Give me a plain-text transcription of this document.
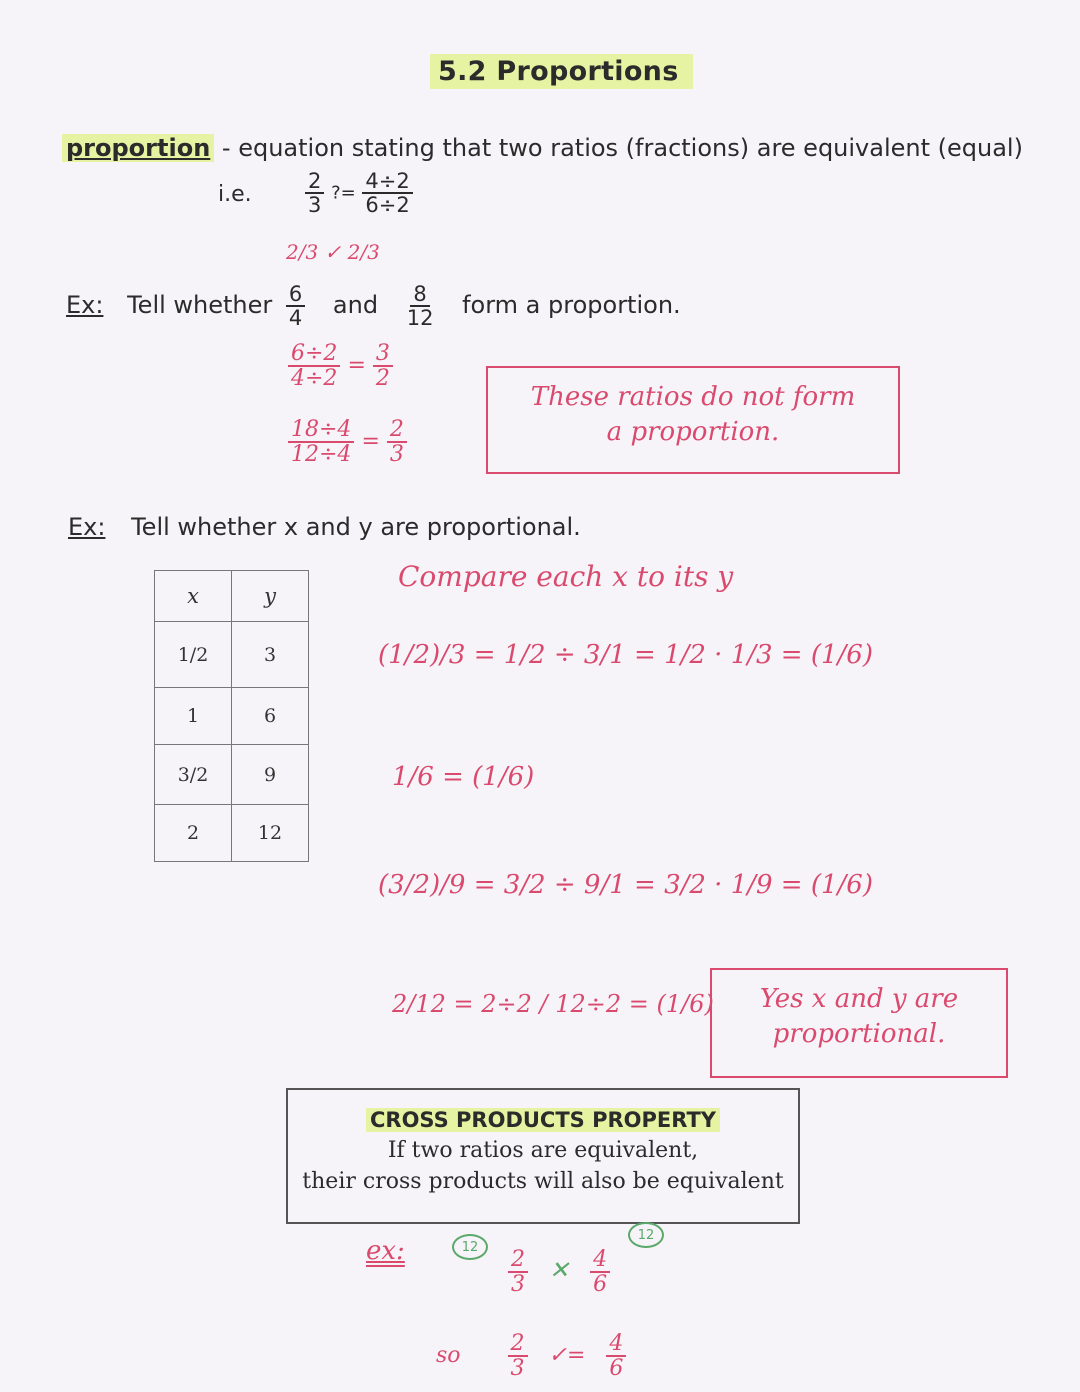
5.2 Proportions
proportion - equation stating that two ratios (fractions) are equivalent (equal)
i.e.	$\frac{2}{3}$ ?= $\frac{4\div 2}{6\div 2}$
2/3 ✓ 2/3
Ex: Tell whether $\frac{6}{4}$ and $\frac{8}{12}$ form a proportion.
$\frac{6\div 2}{4\div 2} = \frac{3}{2}$
$\frac{18\div 4}{12\div 4} = \frac{2}{3}$
These ratios do not form
a proportion.
Ex: Tell whether x and y are proportional.
x	y
1/2	3
1	6
3/2	9
2	12
Compare each x to its y
(1/2)/3 = 1/2 ÷ 3/1 = 1/2 · 1/3 = (1/6)
1/6 = (1/6)
(3/2)/9 = 3/2 ÷ 9/1 = 3/2 · 1/9 = (1/6)
2/12 = 2÷2 / 12÷2 = (1/6)	Yes x and y are
proportional.
CROSS PRODUCTS PROPERTY
If two ratios are equivalent,
their cross products will also be equivalent
ex:	12
12
$\frac{2}{3}$ ✕ $\frac{4}{6}$
so $\frac{2}{3}$ ✓= $\frac{4}{6}$
